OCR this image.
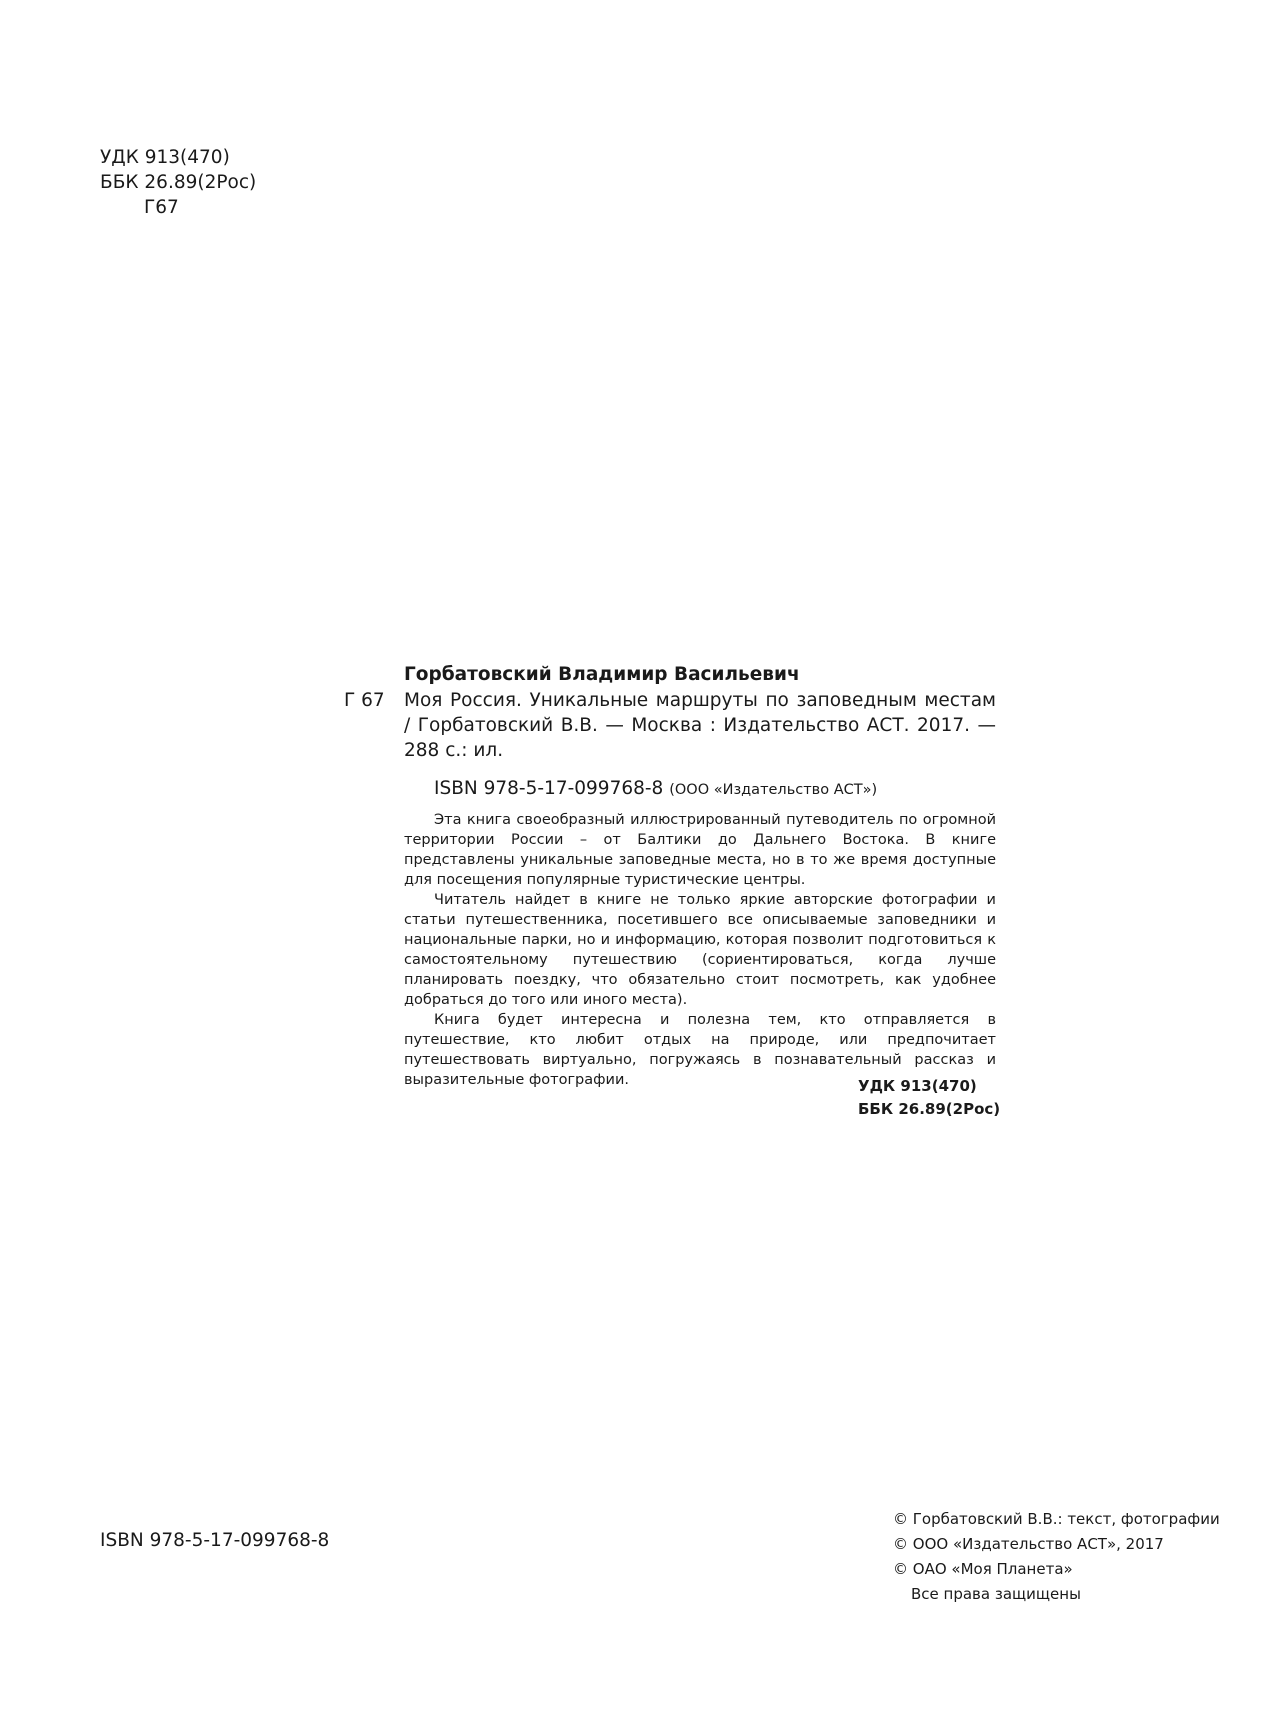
УДК 913(470)
ББК 26.89(2Рос)
Г67
Горбатовский Владимир Васильевич
Г 67 Моя Россия. Уникальные маршруты по заповедным местам / Горбатовский В.В. — Москва : Издательство АСТ. 2017. — 288 с.: ил.
ISBN 978-5-17-099768-8 (ООО «Издательство АСТ»)

Эта книга своеобразный иллюстрированный путеводитель по огромной территории России – от Балтики до Дальнего Востока. В книге представлены уникальные заповедные места, но в то же время доступные для посещения популярные туристические центры.

Читатель найдет в книге не только яркие авторские фотографии и статьи путешественника, посетившего все описываемые заповедники и национальные парки, но и информацию, которая позволит подготовиться к самостоятельному путешествию (сориентироваться, когда лучше планировать поездку, что обязательно стоит посмотреть, как удобнее добраться до того или иного места).

Книга будет интересна и полезна тем, кто отправляется в путешествие, кто любит отдых на природе, или предпочитает путешествовать виртуально, погружаясь в познавательный рассказ и выразительные фотографии.	УДК 913(470)
ББК 26.89(2Рос)
ISBN 978-5-17-099768-8
© Горбатовский В.В.: текст, фотографии
© ООО «Издательство АСТ», 2017
© ОАО «Моя Планета»
Все права защищены
